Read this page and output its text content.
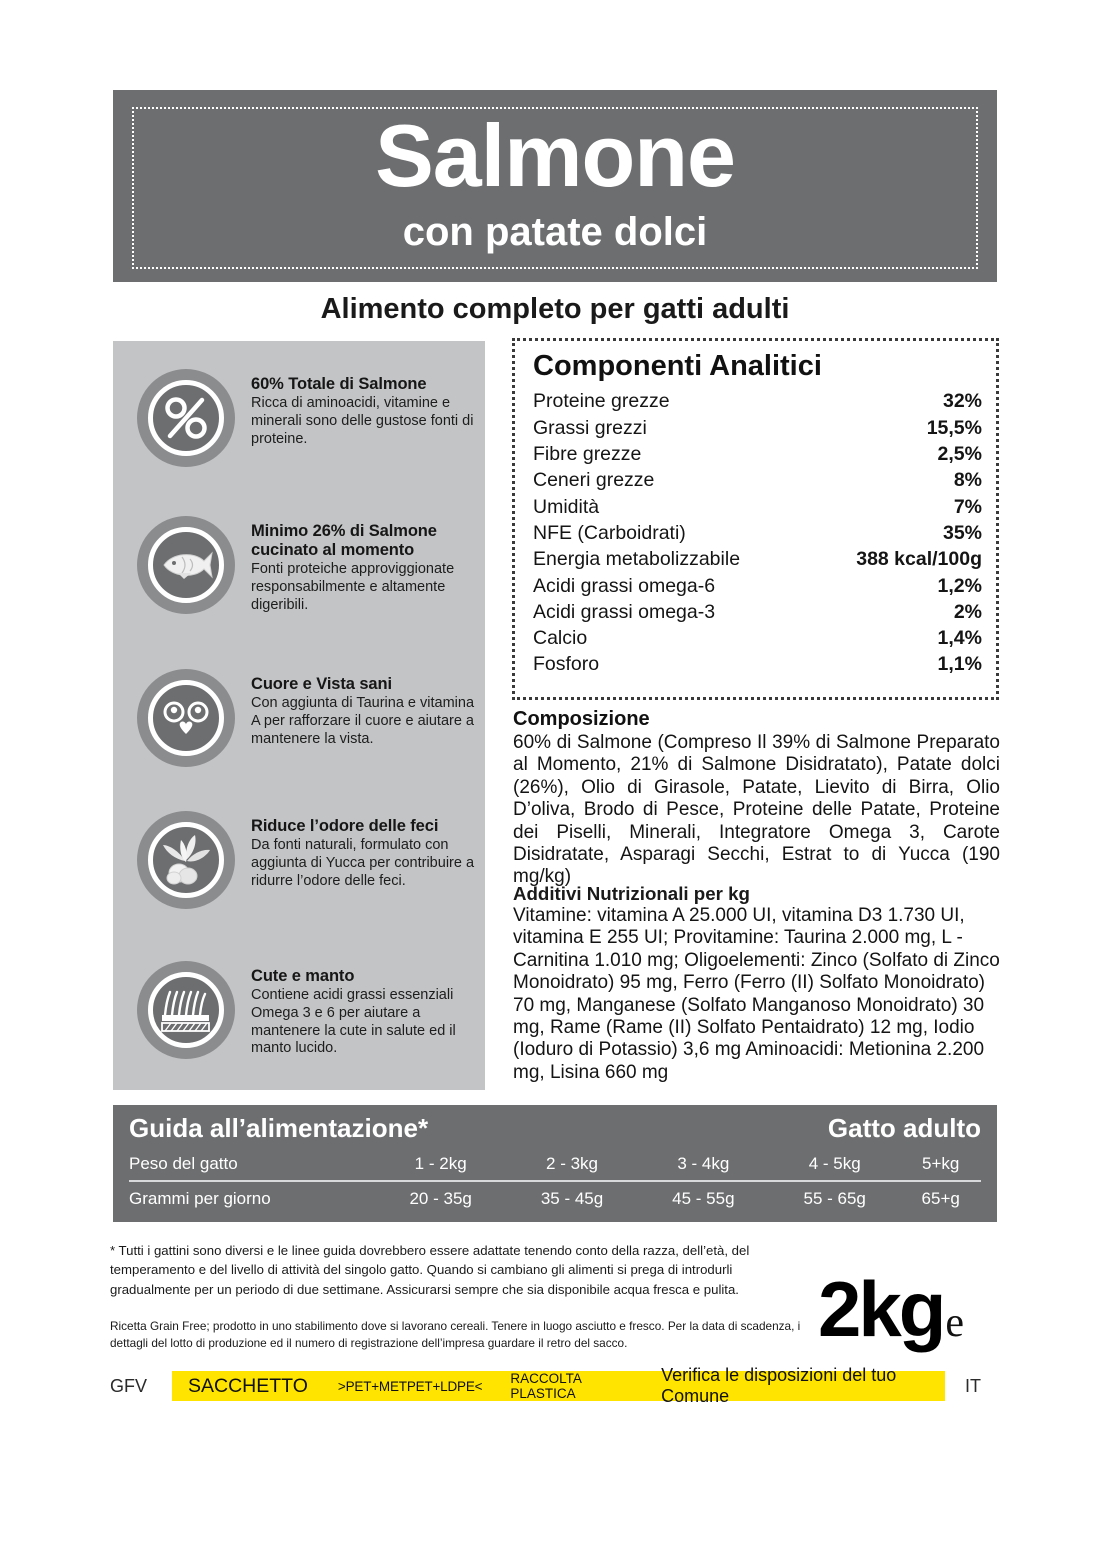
Salmone
con patate dolci
Alimento completo per gatti adulti
60% Totale di Salmone
Ricca di aminoacidi, vitamine e minerali sono delle gustose fonti di proteine.
Minimo 26% di Salmone cucinato al momento
Fonti proteiche approviggionate responsabilmente e altamente digeribili.
Cuore e Vista sani
Con aggiunta di Taurina e vitamina A per rafforzare il cuore e aiutare a mantenere la vista.
Riduce l’odore delle feci
Da fonti naturali, formulato con aggiunta di Yucca per contribuire a ridurre l’odore delle feci.
Cute e manto
Contiene acidi grassi essenziali Omega 3 e 6 per aiutare a mantenere la cute in salute ed il manto lucido.
Componenti Analitici
Proteine grezze	32%
Grassi grezzi	15,5%
Fibre grezze	2,5%
Ceneri grezze	8%
Umidità	7%
NFE (Carboidrati)	35%
Energia metabolizzabile	388 kcal/100g
Acidi grassi omega-6	1,2%
Acidi grassi omega-3	2%
Calcio	1,4%
Fosforo	1,1%
Composizione
60% di Salmone (Compreso Il 39% di Salmone Preparato al Momento, 21% di Salmone Disidratato), Patate dolci (26%), Olio di Girasole, Patate, Lievito di Birra, Olio D’oliva, Brodo di Pesce, Proteine delle Patate, Proteine dei Piselli, Minerali, Integratore Omega 3, Carote Disidratate, Asparagi Secchi, Estrat to di Yucca (190 mg/kg)
Additivi Nutrizionali per kg
Vitamine: vitamina A 25.000 UI, vitamina D3 1.730 UI, vitamina E 255 UI; Provitamine: Taurina 2.000 mg, L -Carnitina 1.010 mg; Oligoelementi: Zinco (Solfato di Zinco Monoidrato) 95 mg, Ferro (Ferro (II) Solfato Monoidrato) 70 mg, Manganese (Solfato Manganoso Monoidrato) 30 mg, Rame (Rame (II) Solfato Pentaidrato) 12 mg, Iodio (Ioduro di Potassio) 3,6 mg Aminoacidi: Metionina 2.200 mg, Lisina 660 mg
Guida all’alimentazione*	Gatto adulto
Peso del gatto	1 - 2kg	2 - 3kg	3 - 4kg	4 - 5kg	5+kg
Grammi per giorno	20 - 35g	35 - 45g	45 - 55g	55 - 65g	65+g
* Tutti i gattini sono diversi e le linee guida dovrebbero essere adattate tenendo conto della razza, dell’età, del temperamento e del livello di attività del singolo gatto. Quando si cambiano gli alimenti si prega di introdurli gradualmente per un periodo di due settimane. Assicurarsi sempre che sia disponibile acqua fresca e pulita.
Ricetta Grain Free; prodotto in uno stabilimento dove si lavorano cereali. Tenere in luogo asciutto e fresco. Per la data di scadenza, i dettagli del lotto di produzione ed il numero di registrazione dell’impresa guardare il retro del sacco.	2kg e
GFV	SACCHETTO >PET+METPET+LDPE< RACCOLTA PLASTICA
Verifica le disposizioni del tuo Comune
IT
